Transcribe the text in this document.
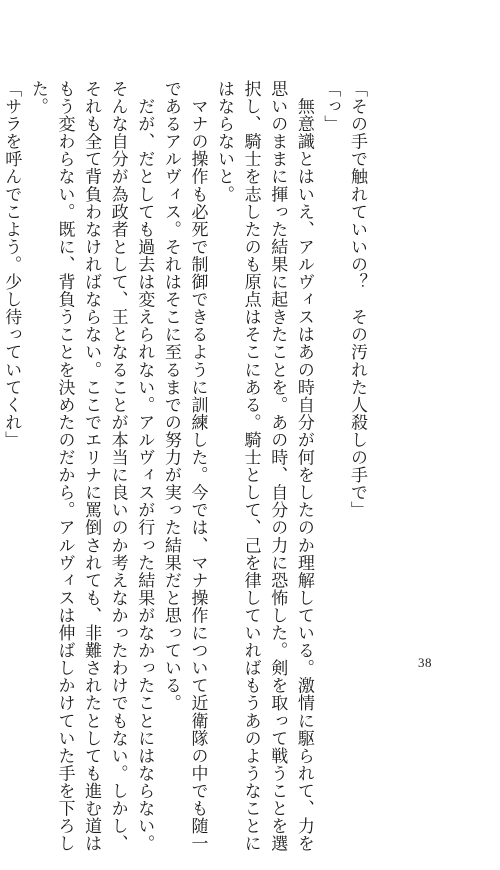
「その手で触れていいの？　その汚れた人殺しの手で」

「っ」

　無意識とはいえ、アルヴィスはあの時自分が何をしたのか理解している。激情に駆られて、力を

思いのままに揮った結果に起きたことを。あの時、自分の力に恐怖した。剣を取って戦うことを選

択し、騎士を志したのも原点はそこにある。騎士として、己を律していればもうあのようなことに

はならないと。

　マナの操作も必死で制御できるように訓練した。今では、マナ操作について近衛隊の中でも随一

であるアルヴィス。それはそこに至るまでの努力が実った結果だと思っている。

　だが、だとしても過去は変えられない。アルヴィスが行った結果がなかったことにはならない。

そんな自分が為政者として、王となることが本当に良いのか考えなかったわけでもない。しかし、

それも全て背負わなければならない。ここでエリナに罵倒されても、非難されたとしても進む道は

もう変わらない。既に、背負うことを決めたのだから。アルヴィスは伸ばしかけていた手を下ろし

た。

「サラを呼んでこよう。少し待っていてくれ」

38
